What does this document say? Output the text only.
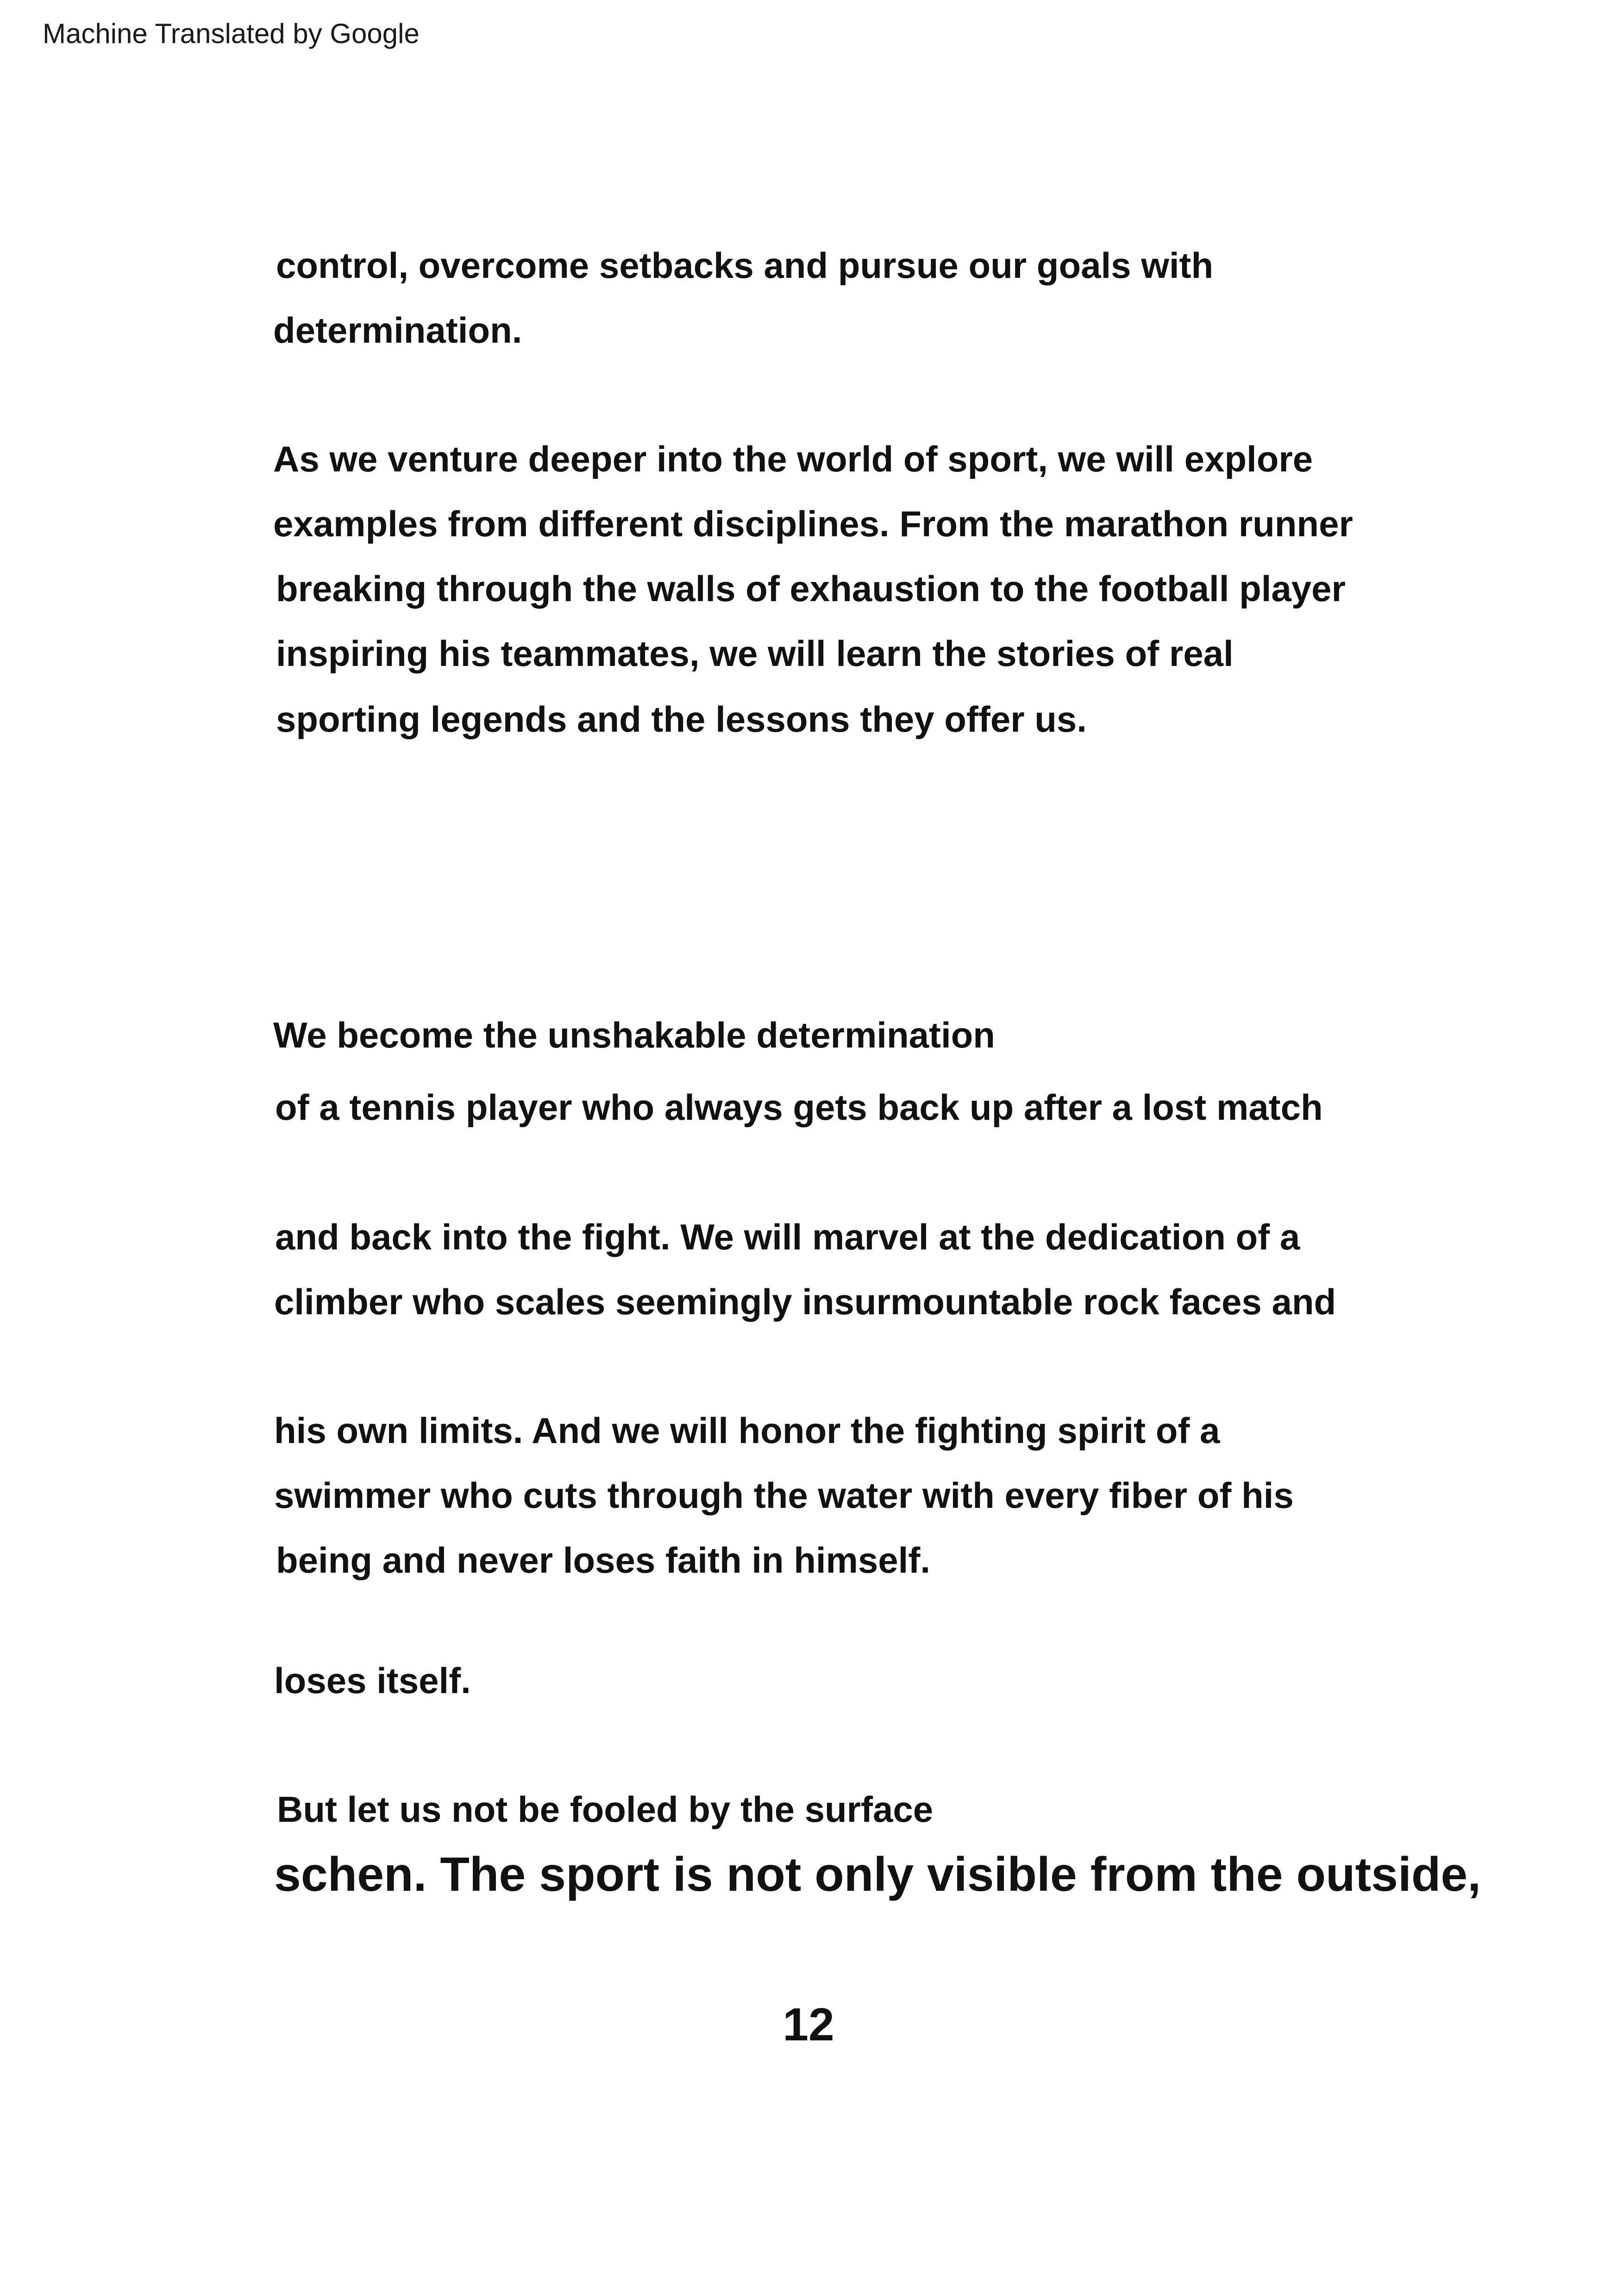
Machine Translated by Google
control, overcome setbacks and pursue our goals with
determination.
As we venture deeper into the world of sport, we will explore
examples from different disciplines. From the marathon runner
breaking through the walls of exhaustion to the football player
inspiring his teammates, we will learn the stories of real
sporting legends and the lessons they offer us.
We become the unshakable determination
of a tennis player who always gets back up after a lost match
and back into the fight. We will marvel at the dedication of a
climber who scales seemingly insurmountable rock faces and
his own limits. And we will honor the fighting spirit of a
swimmer who cuts through the water with every fiber of his
being and never loses faith in himself.
loses itself.
But let us not be fooled by the surface
schen. The sport is not only visible from the outside,
12
